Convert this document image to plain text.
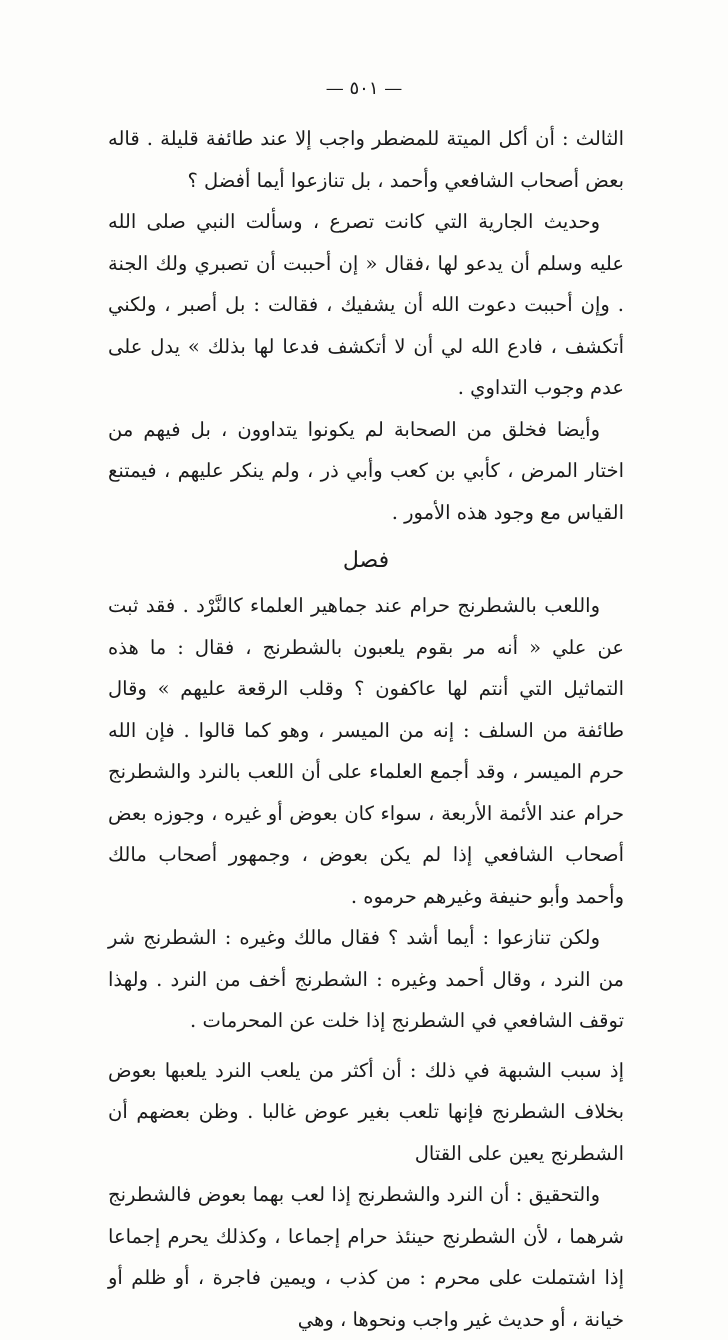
— ٥٠١ —

الثالث : أن أكل الميتة للمضطر واجب إلا عند طائفة قليلة . قاله بعض أصحاب الشافعي وأحمد ، بل تنازعوا أيما أفضل ؟

وحديث الجارية التي كانت تصرع ، وسألت النبي صلى الله عليه وسلم أن يدعو لها ،فقال « إن أحببت أن تصبري ولك الجنة . وإن أحببت دعوت الله أن يشفيك ، فقالت : بل أصبر ، ولكني أتكشف ، فادع الله لي أن لا أتكشف فدعا لها بذلك » يدل على عدم وجوب التداوي .

وأيضا فخلق من الصحابة لم يكونوا يتداوون ، بل فيهم من اختار المرض ، كأبي بن كعب وأبي ذر ، ولم ينكر عليهم ، فيمتنع القياس مع وجود هذه الأمور .

فصل

واللعب بالشطرنج حرام عند جماهير العلماء كالنَّرْد . فقد ثبت عن علي « أنه مر بقوم يلعبون بالشطرنج ، فقال : ما هذه التماثيل التي أنتم لها عاكفون ؟ وقلب الرقعة عليهم » وقال طائفة من السلف : إنه من الميسر ، وهو كما قالوا . فإن الله حرم الميسر ، وقد أجمع العلماء على أن اللعب بالنرد والشطرنج حرام عند الأئمة الأربعة ، سواء كان بعوض أو غيره ، وجوزه بعض أصحاب الشافعي إذا لم يكن بعوض ، وجمهور أصحاب مالك وأحمد وأبو حنيفة وغيرهم حرموه .

ولكن تنازعوا : أيما أشد ؟ فقال مالك وغيره : الشطرنج شر من النرد ، وقال أحمد وغيره : الشطرنج أخف من النرد . ولهذا توقف الشافعي في الشطرنج إذا خلت عن المحرمات .

إذ سبب الشبهة في ذلك : أن أكثر من يلعب النرد يلعبها بعوض بخلاف الشطرنج فإنها تلعب بغير عوض غالبا . وظن بعضهم أن الشطرنج يعين على القتال

والتحقيق : أن النرد والشطرنج إذا لعب بهما بعوض فالشطرنج شرهما ، لأن الشطرنج حينئذ حرام إجماعا ، وكذلك يحرم إجماعا إذا اشتملت على محرم : من كذب ، ويمين فاجرة ، أو ظلم أو خيانة ، أو حديث غير واجب ونحوها ، وهي
